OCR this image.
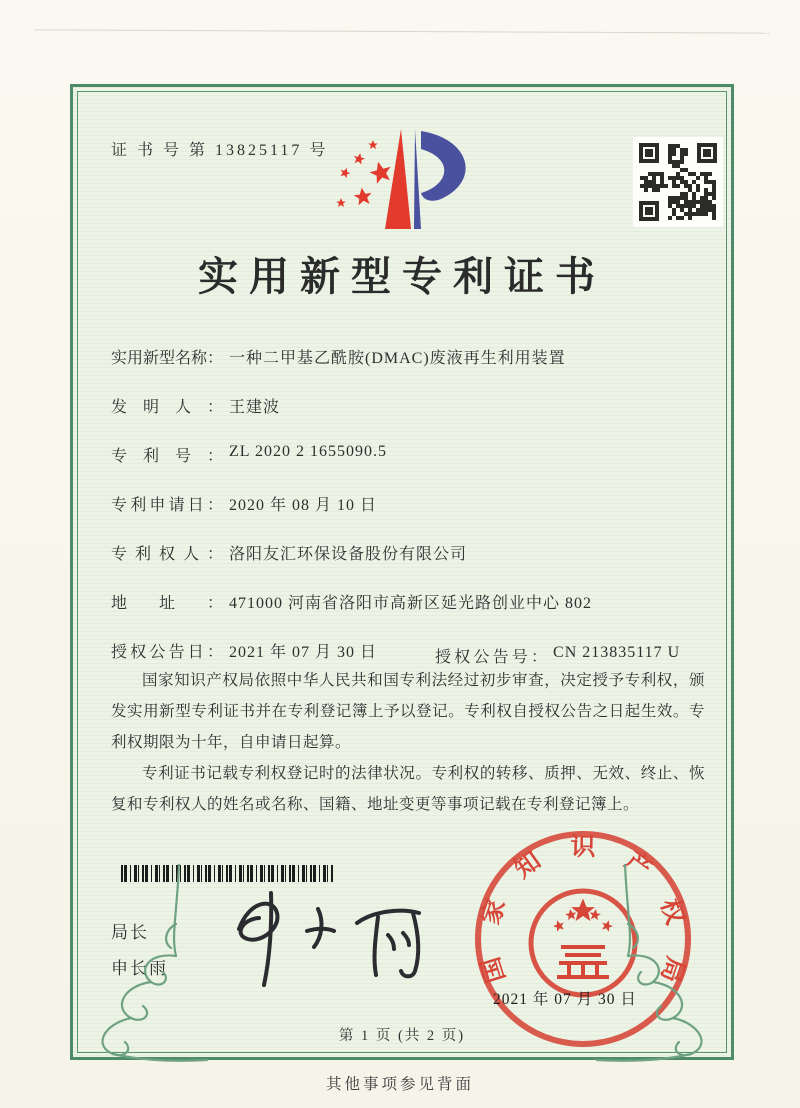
证 书 号 第 13825117 号
实用新型专利证书
实用新型名称 ： 一种二甲基乙酰胺(DMAC)废液再生利用装置
发明人 ： 王建波
专利号 ： ZL 2020 2 1655090.5
专利申请日 ： 2020 年 08 月 10 日
专利权人 ： 洛阳友汇环保设备股份有限公司
地址 ： 471000 河南省洛阳市高新区延光路创业中心 802
授权公告日 ： 2021 年 07 月 30 日	授权公告号 ： CN 213835117 U

国家知识产权局依照中华人民共和国专利法经过初步审查，决定授予专利权，颁发实用新型专利证书并在专利登记簿上予以登记。专利权自授权公告之日起生效。专利权期限为十年，自申请日起算。

专利证书记载专利权登记时的法律状况。专利权的转移、质押、无效、终止、恢复和专利权人的姓名或名称、国籍、地址变更等事项记载在专利登记簿上。

局长
申长雨	国家知识产权局
2021 年 07 月 30 日
第 1 页 (共 2 页)
其他事项参见背面
